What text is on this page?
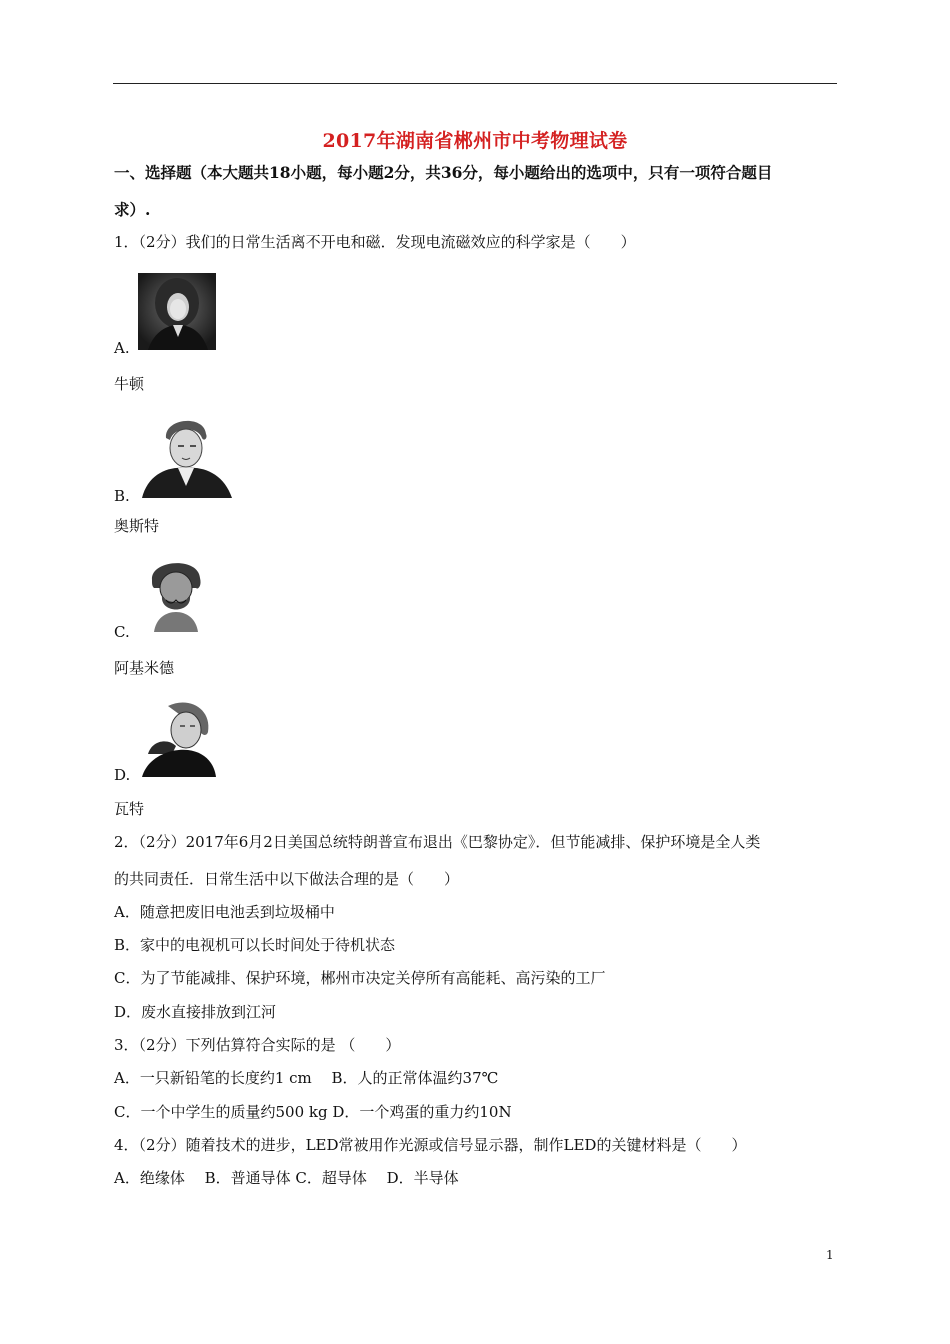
2017年湖南省郴州市中考物理试卷
一、选择题（本大题共18小题，每小题2分，共36分，每小题给出的选项中，只有一项符合题目
求）.
1．（2分）我们的日常生活离不开电和磁．发现电流磁效应的科学家是（　　）
A.
牛顿
B.
奥斯特
C.
阿基米德
D.
瓦特
2．（2分）2017年6月2日美国总统特朗普宣布退出《巴黎协定》．但节能减排、保护环境是全人类
的共同责任．日常生活中以下做法合理的是（　　）
A．随意把废旧电池丢到垃圾桶中
B．家中的电视机可以长时间处于待机状态
C．为了节能减排、保护环境，郴州市决定关停所有高能耗、高污染的工厂
D．废水直接排放到江河
3．（2分）下列估算符合实际的是 （　　）
A．一只新铅笔的长度约1 cm　 B．人的正常体温约37℃
C．一个中学生的质量约500 kg D．一个鸡蛋的重力约10N
4．（2分）随着技术的进步，LED常被用作光源或信号显示器，制作LED的关键材料是（　　）
A．绝缘体　 B．普通导体 C．超导体　 D．半导体
1
